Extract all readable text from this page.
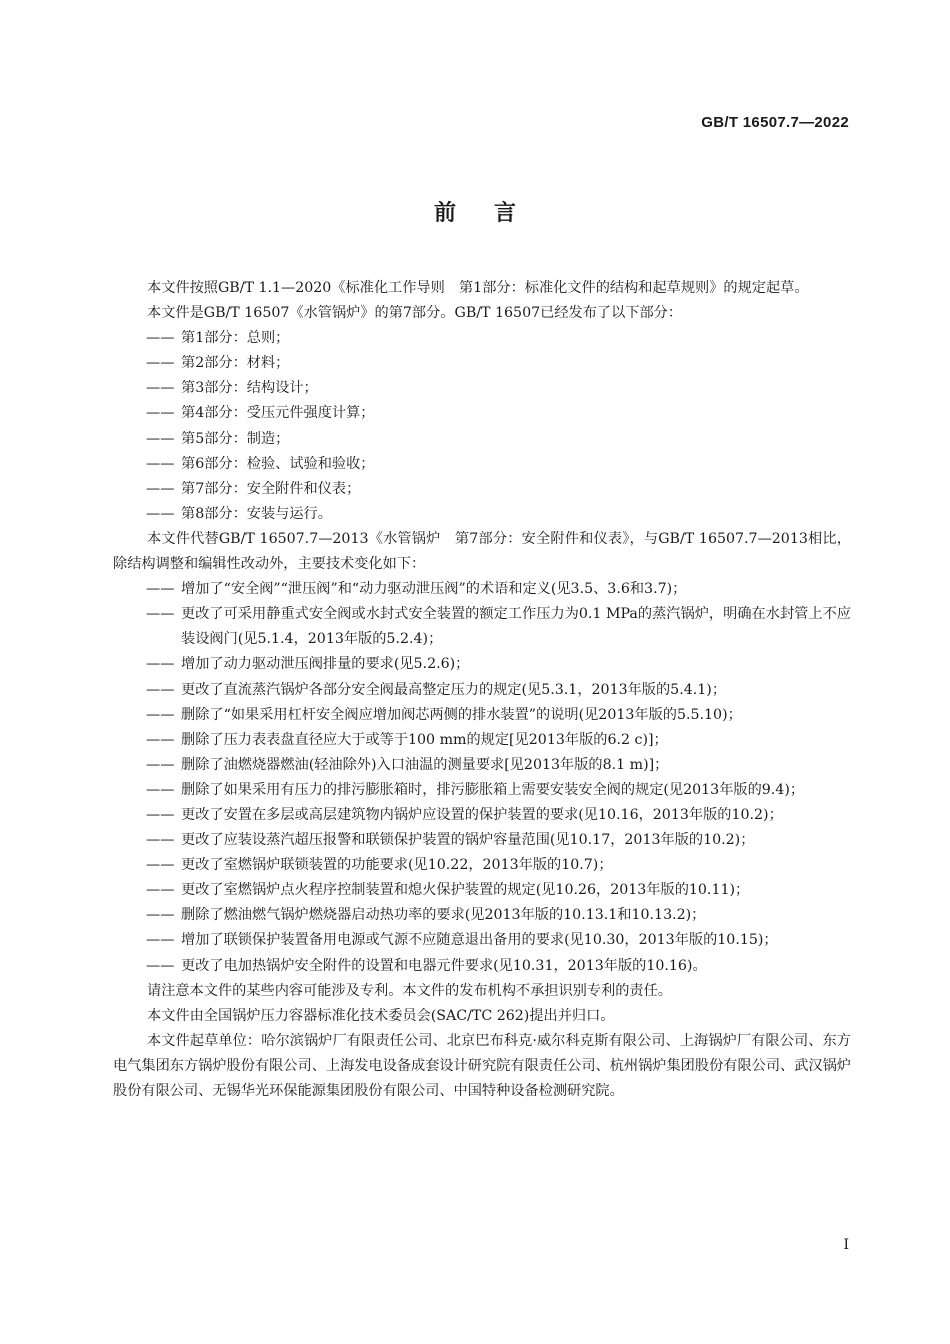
GB/T 16507.7—2022
前言

本文件按照GB/T 1.1—2020《标准化工作导则　第1部分：标准化文件的结构和起草规则》的规定起草。

本文件是GB/T 16507《水管锅炉》的第7部分。GB/T 16507已经发布了以下部分：

—— 第1部分：总则；

—— 第2部分：材料；

—— 第3部分：结构设计；

—— 第4部分：受压元件强度计算；

—— 第5部分：制造；

—— 第6部分：检验、试验和验收；

—— 第7部分：安全附件和仪表；

—— 第8部分：安装与运行。

本文件代替GB/T 16507.7—2013《水管锅炉　第7部分：安全附件和仪表》，与GB/T 16507.7—2013相比，除结构调整和编辑性改动外，主要技术变化如下：

—— 增加了“安全阀”“泄压阀”和“动力驱动泄压阀”的术语和定义(见3.5、3.6和3.7)；

—— 更改了可采用静重式安全阀或水封式安全装置的额定工作压力为0.1 MPa的蒸汽锅炉，明确在水封管上不应装设阀门(见5.1.4，2013年版的5.2.4)；

—— 增加了动力驱动泄压阀排量的要求(见5.2.6)；

—— 更改了直流蒸汽锅炉各部分安全阀最高整定压力的规定(见5.3.1，2013年版的5.4.1)；

—— 删除了“如果采用杠杆安全阀应增加阀芯两侧的排水装置”的说明(见2013年版的5.5.10)；

—— 删除了压力表表盘直径应大于或等于100 mm的规定[见2013年版的6.2 c)]；

—— 删除了油燃烧器燃油(轻油除外)入口油温的测量要求[见2013年版的8.1 m)]；

—— 删除了如果采用有压力的排污膨胀箱时，排污膨胀箱上需要安装安全阀的规定(见2013年版的9.4)；

—— 更改了安置在多层或高层建筑物内锅炉应设置的保护装置的要求(见10.16，2013年版的10.2)；

—— 更改了应装设蒸汽超压报警和联锁保护装置的锅炉容量范围(见10.17，2013年版的10.2)；

—— 更改了室燃锅炉联锁装置的功能要求(见10.22，2013年版的10.7)；

—— 更改了室燃锅炉点火程序控制装置和熄火保护装置的规定(见10.26，2013年版的10.11)；

—— 删除了燃油燃气锅炉燃烧器启动热功率的要求(见2013年版的10.13.1和10.13.2)；

—— 增加了联锁保护装置备用电源或气源不应随意退出备用的要求(见10.30，2013年版的10.15)；

—— 更改了电加热锅炉安全附件的设置和电器元件要求(见10.31，2013年版的10.16)。

请注意本文件的某些内容可能涉及专利。本文件的发布机构不承担识别专利的责任。

本文件由全国锅炉压力容器标准化技术委员会(SAC/TC 262)提出并归口。

本文件起草单位：哈尔滨锅炉厂有限责任公司、北京巴布科克·威尔科克斯有限公司、上海锅炉厂有限公司、东方电气集团东方锅炉股份有限公司、上海发电设备成套设计研究院有限责任公司、杭州锅炉集团股份有限公司、武汉锅炉股份有限公司、无锡华光环保能源集团股份有限公司、中国特种设备检测研究院。

I
